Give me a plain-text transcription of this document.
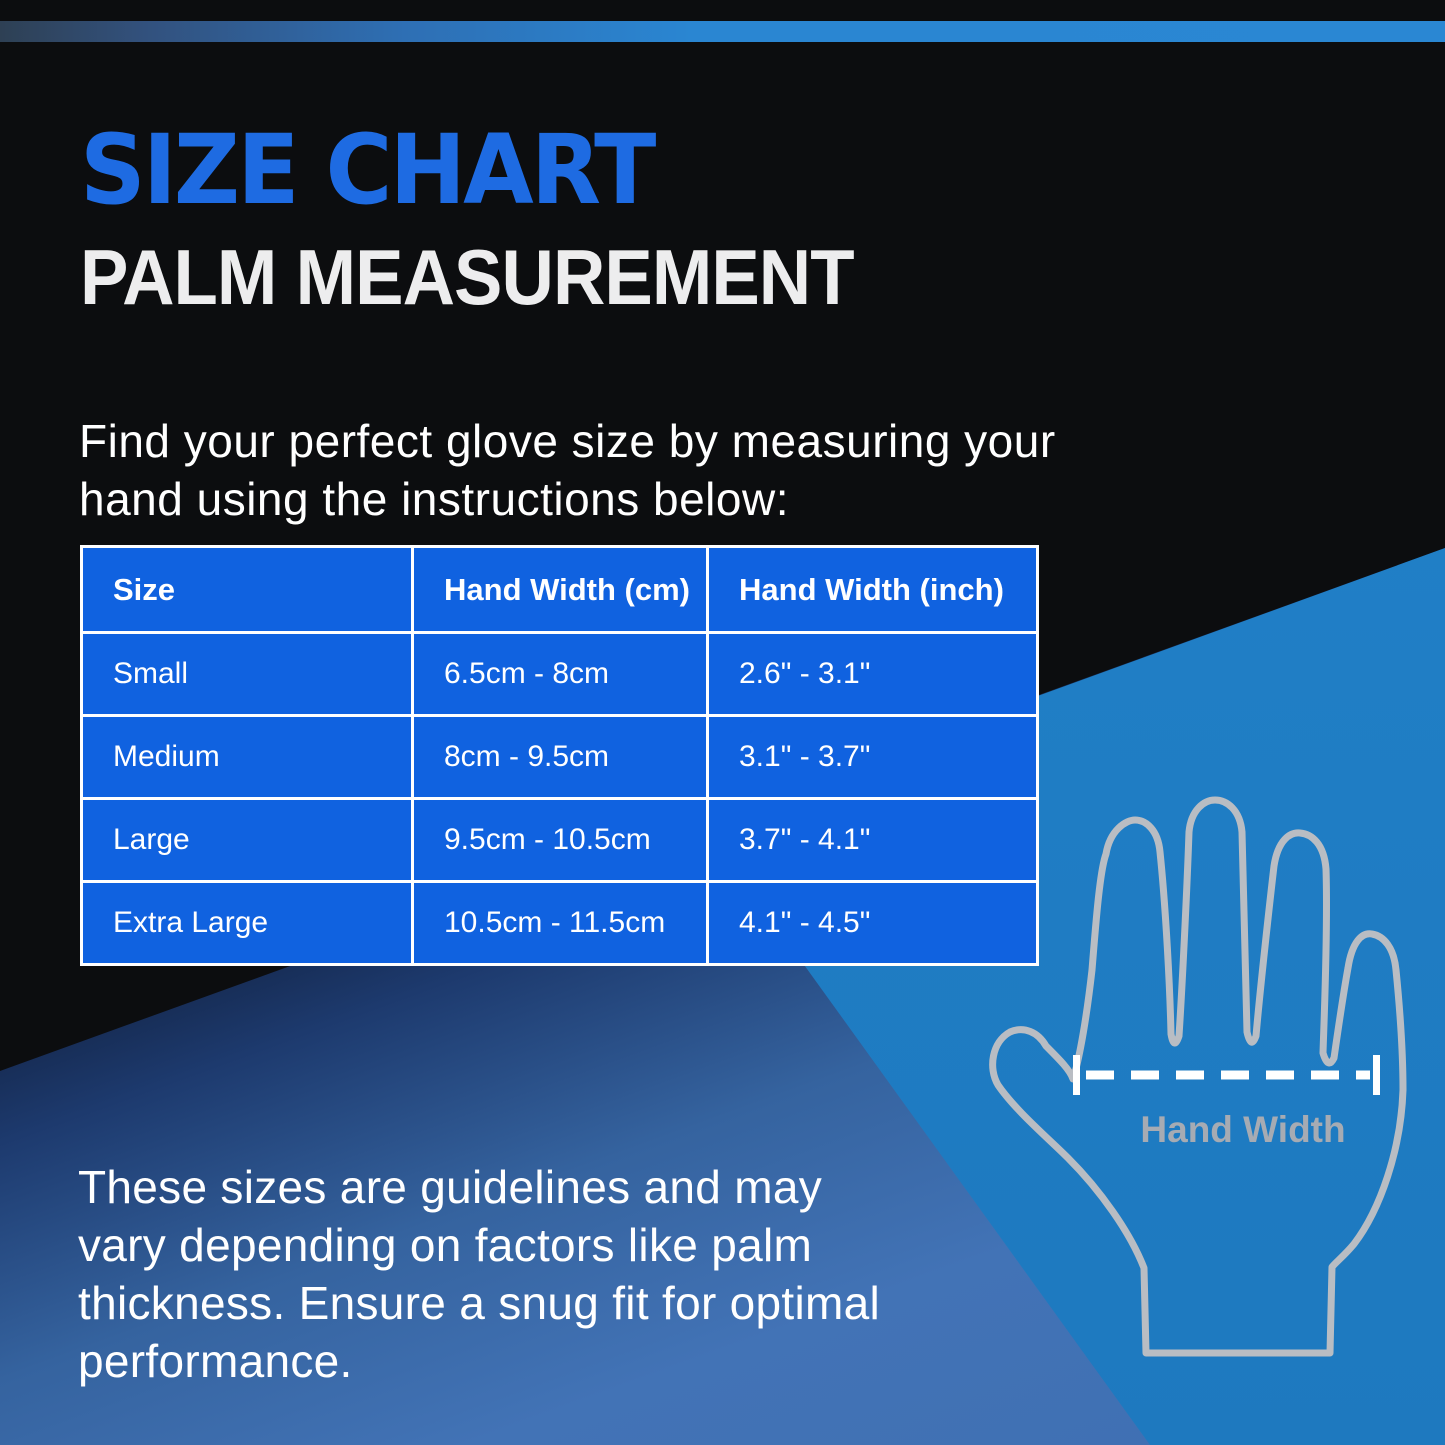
SIZE CHART
PALM MEASUREMENT

Find your perfect glove size by measuring your
hand using the instructions below:

Size	Hand Width (cm)	Hand Width (inch)
Small	6.5cm - 8cm	2.6" - 3.1"
Medium	8cm - 9.5cm	3.1" - 3.7"
Large	9.5cm - 10.5cm	3.7" - 4.1"
Extra Large	10.5cm - 11.5cm	4.1" - 4.5"

These sizes are guidelines and may
vary depending on factors like palm
thickness. Ensure a snug fit for optimal
performance.

Hand Width
